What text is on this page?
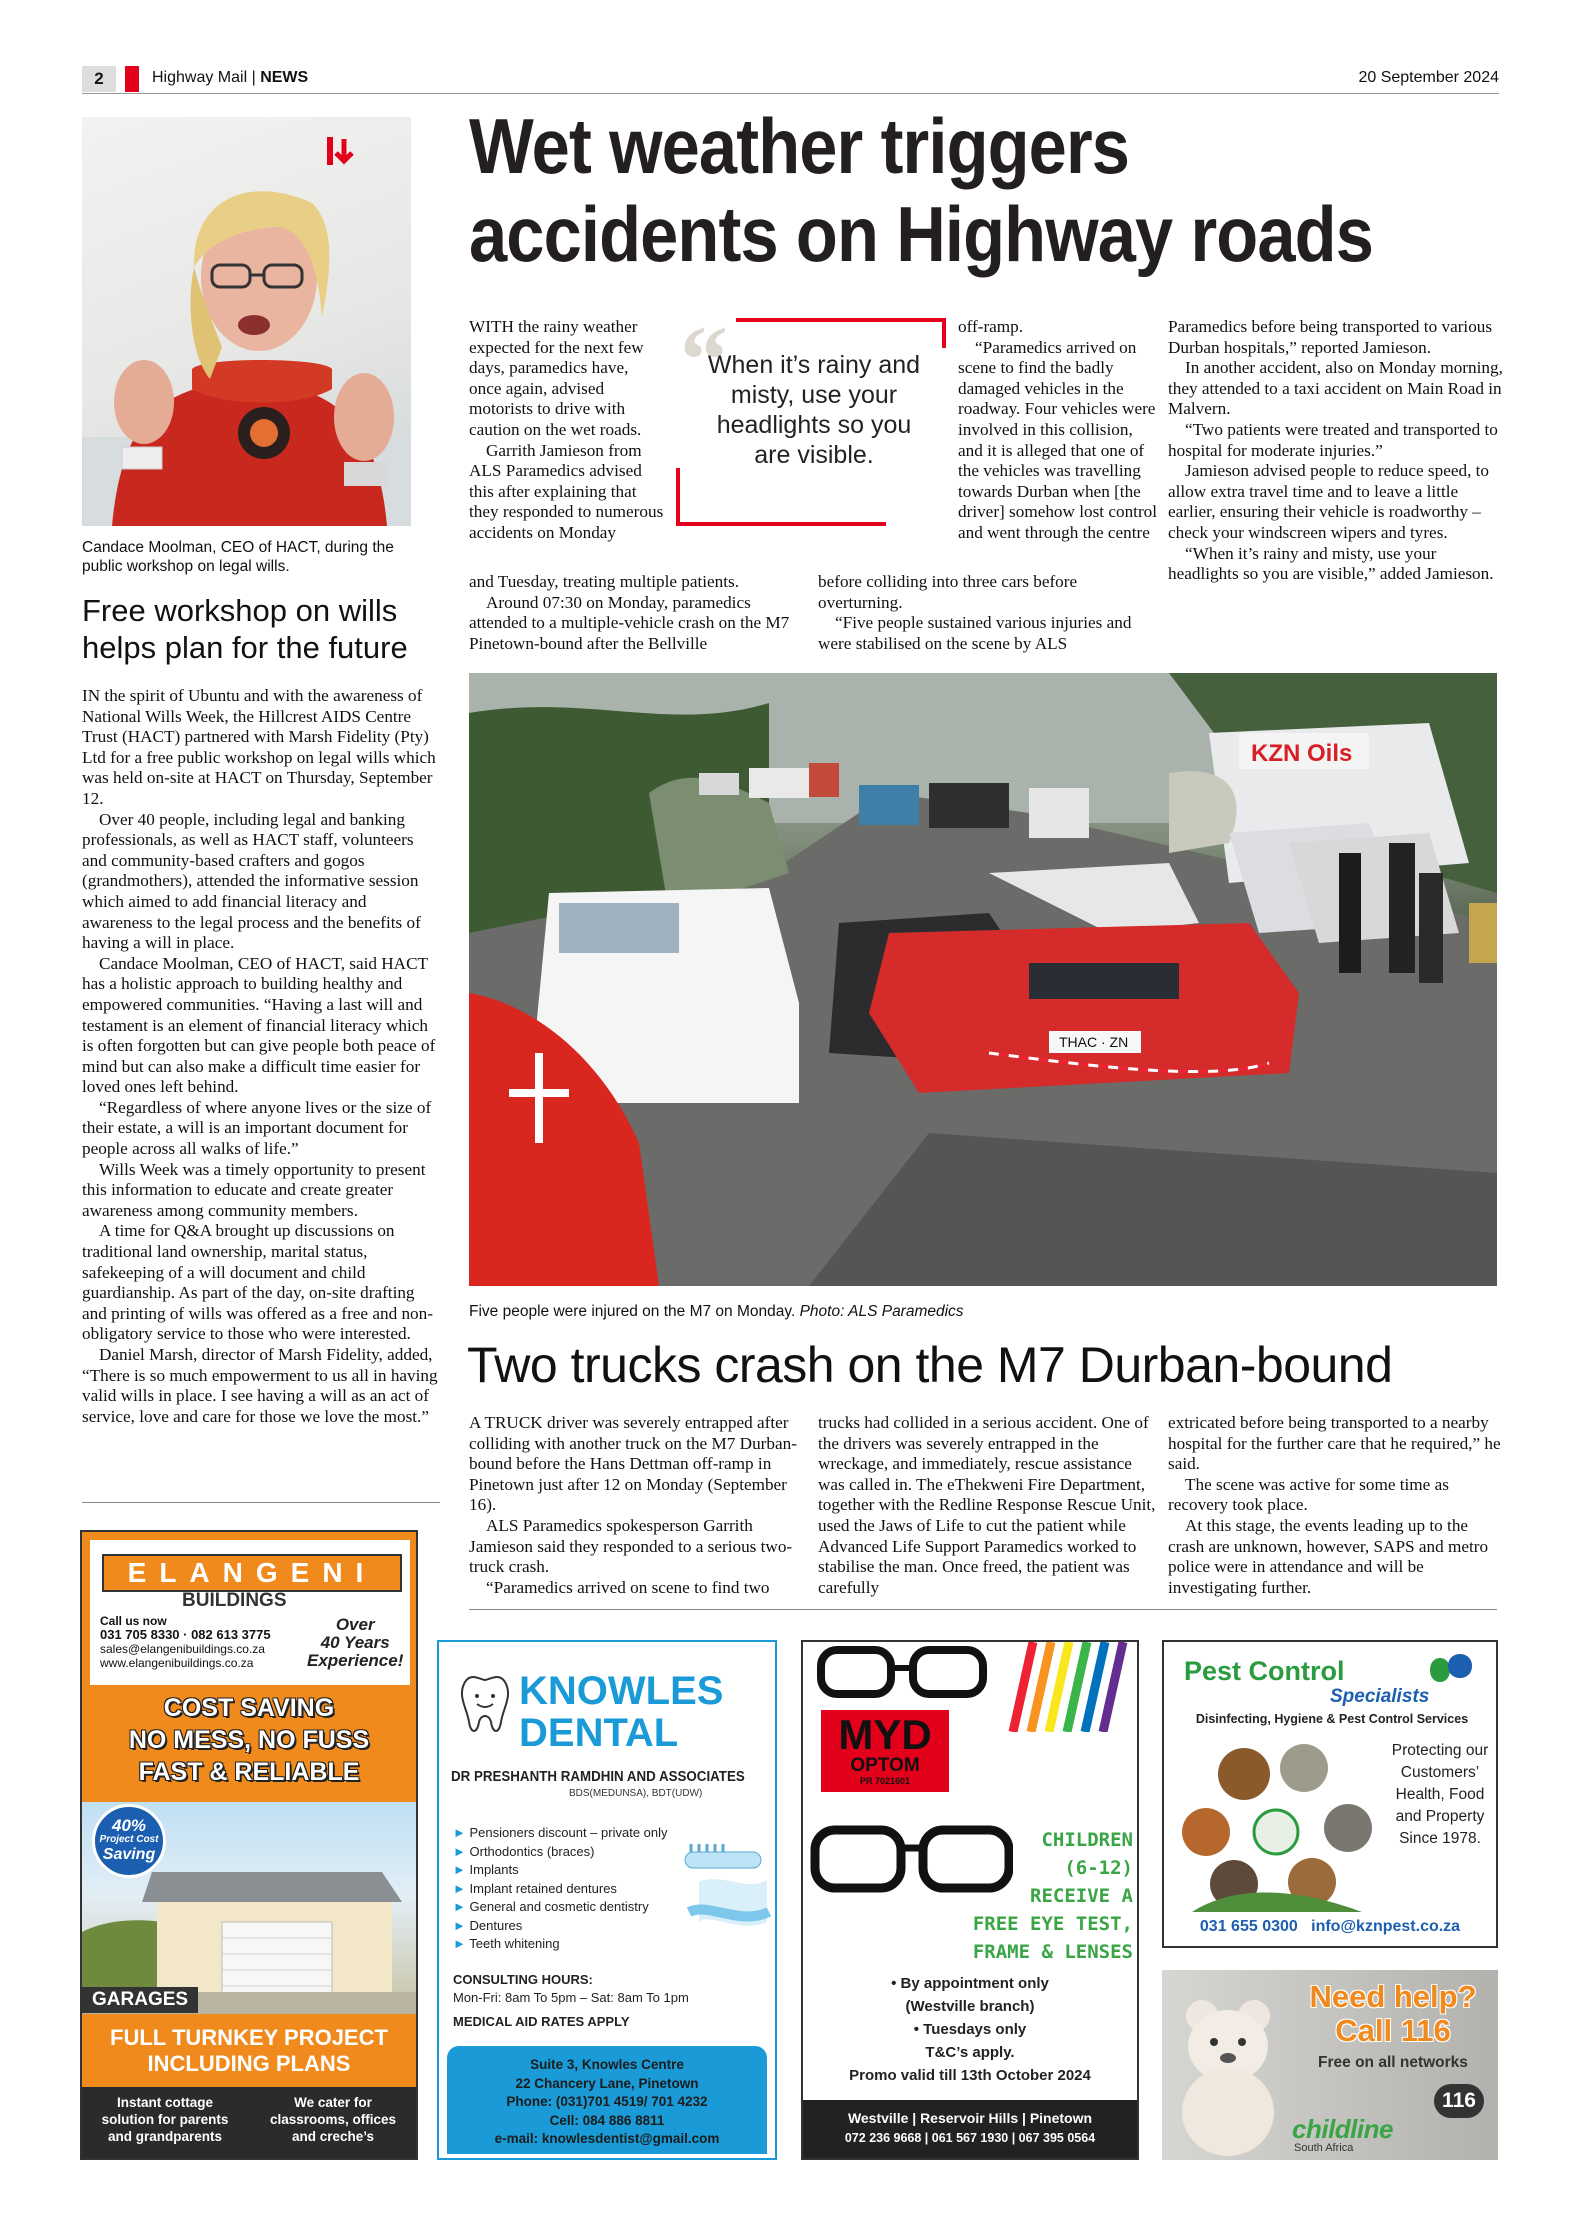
2	Highway Mail | NEWS	20 September 2024
Candace Moolman, CEO of HACT, during the public workshop on legal wills.
Free workshop on wills
helps plan for the future

IN the spirit of Ubuntu and with the awareness of National Wills Week, the Hillcrest AIDS Centre Trust (HACT) partnered with Marsh Fidelity (Pty) Ltd for a free public workshop on legal wills which was held on-site at HACT on Thursday, September 12.

Over 40 people, including legal and banking professionals, as well as HACT staff, volunteers and community-based crafters and gogos (grandmothers), attended the informative session which aimed to add financial literacy and awareness to the legal process and the benefits of having a will in place.

Candace Moolman, CEO of HACT, said HACT has a holistic approach to building healthy and empowered communities. “Having a last will and testament is an element of financial literacy which is often forgotten but can give people both peace of mind but can also make a difficult time easier for loved ones left behind.

“Regardless of where anyone lives or the size of their estate, a will is an important document for people across all walks of life.”

Wills Week was a timely opportunity to present this information to educate and create greater awareness among community members.

A time for Q&A brought up discussions on traditional land ownership, marital status, safekeeping of a will document and child guardianship. As part of the day, on-site drafting and printing of wills was offered as a free and non-obligatory service to those who were interested.

Daniel Marsh, director of Marsh Fidelity, added, “There is so much empowerment to us all in having valid wills in place. I see having a will as an act of service, love and care for those we love the most.”

Wet weather triggers
accidents on Highway roads

WITH the rainy weather expected for the next few days, paramedics have, once again, advised motorists to drive with caution on the wet roads.

Garrith Jamieson from ALS Paramedics advised this after explaining that they responded to numerous accidents on Monday

and Tuesday, treating multiple patients.

Around 07:30 on Monday, paramedics attended to a multiple-vehicle crash on the M7 Pinetown-bound after the Bellville

“
When it’s rainy and misty, use your headlights so you are visible.

off-ramp.

“Paramedics arrived on scene to find the badly damaged vehicles in the roadway. Four vehicles were involved in this collision, and it is alleged that one of the vehicles was travelling towards Durban when [the driver] somehow lost control and went through the centre

before colliding into three cars before overturning.

“Five people sustained various injuries and were stabilised on the scene by ALS

Paramedics before being transported to various Durban hospitals,” reported Jamieson.

In another accident, also on Monday morning, they attended to a taxi accident on Main Road in Malvern.

“Two patients were treated and transported to hospital for moderate injuries.”

Jamieson advised people to reduce speed, to allow extra travel time and to leave a little earlier, ensuring their vehicle is roadworthy – check your windscreen wipers and tyres.

“When it’s rainy and misty, use your headlights so you are visible,” added Jamieson.

KZN Oils
THAC · ZN
Five people were injured on the M7 on Monday. Photo: ALS Paramedics
Two trucks crash on the M7 Durban-bound

A TRUCK driver was severely entrapped after colliding with another truck on the M7 Durban-bound before the Hans Dettman off-ramp in Pinetown just after 12 on Monday (September 16).

ALS Paramedics spokesperson Garrith Jamieson said they responded to a serious two-truck crash.

“Paramedics arrived on scene to find two

trucks had collided in a serious accident. One of the drivers was severely entrapped in the wreckage, and immediately, rescue assistance was called in. The eThekweni Fire Department, together with the Redline Response Rescue Unit, used the Jaws of Life to cut the patient while Advanced Life Support Paramedics worked to stabilise the man. Once freed, the patient was carefully

extricated before being transported to a nearby hospital for the further care that he required,” he said.

The scene was active for some time as recovery took place.

At this stage, the events leading up to the crash are unknown, however, SAPS and metro police were in attendance and will be investigating further.

ELANGENI
BUILDINGS
Call us now
031 705 8330 · 082 613 3775
sales@elangenibuildings.co.za
www.elangenibuildings.co.za
Over
40 Years
Experience!
COST SAVING
NO MESS, NO FUSS
FAST & RELIABLE
40%
Project Cost
Saving
GARAGES
FULL TURNKEY PROJECT
INCLUDING PLANS
Instant cottage solution for parents and grandparents
We cater for classrooms, offices and creche’s
KNOWLES
DENTAL
DR PRESHANTH RAMDHIN AND ASSOCIATES
BDS(MEDUNSA), BDT(UDW)
► Pensioners discount – private only
► Orthodontics (braces)
► Implants
► Implant retained dentures
► General and cosmetic dentistry
► Dentures
► Teeth whitening
CONSULTING HOURS:
Mon-Fri: 8am To 5pm – Sat: 8am To 1pm
MEDICAL AID RATES APPLY
Suite 3, Knowles Centre
22 Chancery Lane, Pinetown
Phone: (031)701 4519/ 701 4232
Cell: 084 886 8811
e-mail: knowlesdentist@gmail.com
MYD
OPTOM
PR 7021601
CHILDREN
(6-12)
RECEIVE A
FREE EYE TEST,
FRAME & LENSES
• By appointment only
(Westville branch)
• Tuesdays only
T&C’s apply.
Promo valid till 13th October 2024
Westville | Reservoir Hills | Pinetown
072 236 9668 | 061 567 1930 | 067 395 0564
Pest Control
Specialists
Disinfecting, Hygiene & Pest Control Services
Protecting our Customers’ Health, Food and Property Since 1978.
031 655 0300 info@kznpest.co.za
Need help?
Call 116
Free on all networks
116
childline
South Africa
